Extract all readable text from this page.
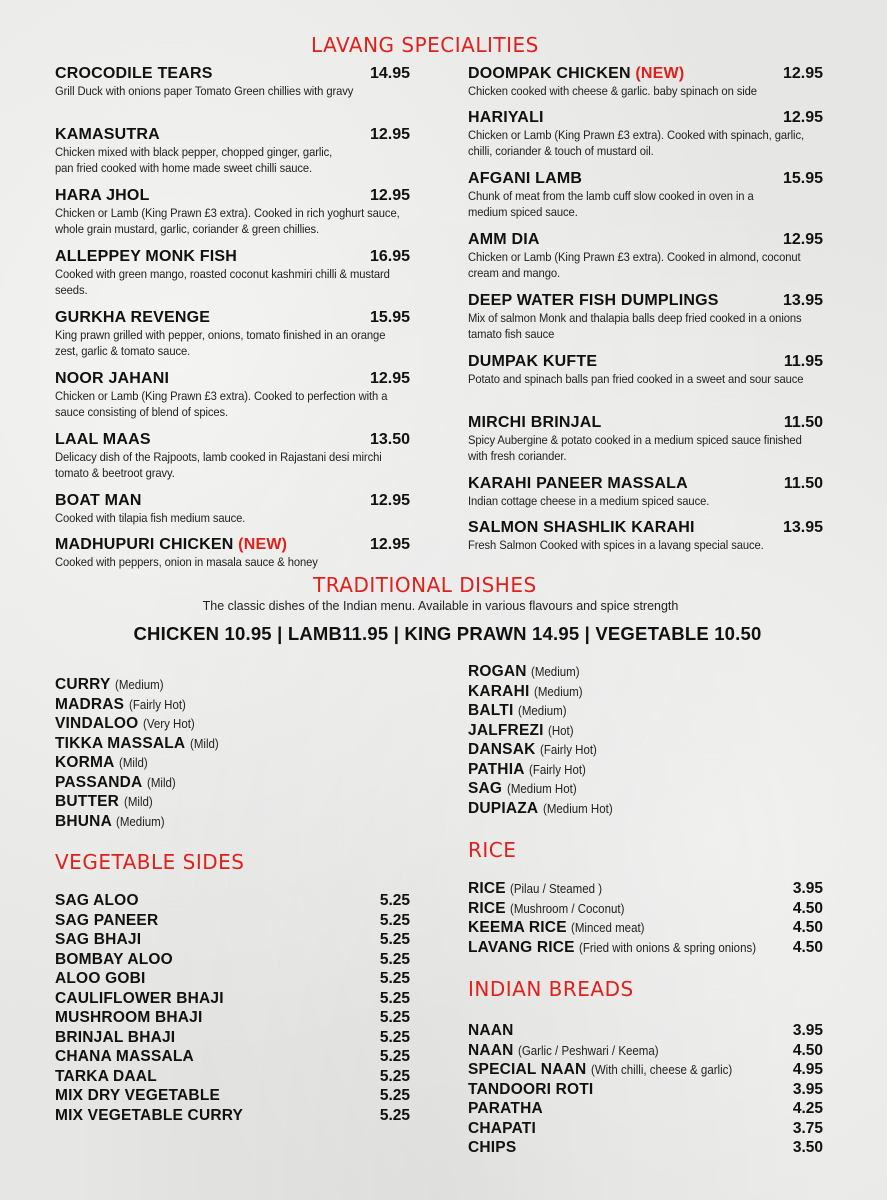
LAVANG SPECIALITIES
CROCODILE TEARS	14.95
Grill Duck with onions paper Tomato Green chillies with gravy
KAMASUTRA	12.95
Chicken mixed with black pepper, chopped ginger, garlic, pan fried cooked with home made sweet chilli sauce.
HARA JHOL	12.95
Chicken or Lamb (King Prawn £3 extra). Cooked in rich yoghurt sauce, whole grain mustard, garlic, coriander & green chillies.
ALLEPPEY MONK FISH	16.95
Cooked with green mango, roasted coconut kashmiri chilli & mustard seeds.
GURKHA REVENGE	15.95
King prawn grilled with pepper, onions, tomato finished in an orange zest, garlic & tomato sauce.
NOOR JAHANI	12.95
Chicken or Lamb (King Prawn £3 extra). Cooked to perfection with a sauce consisting of blend of spices.
LAAL MAAS	13.50
Delicacy dish of the Rajpoots, lamb cooked in Rajastani desi mirchi tomato & beetroot gravy.
BOAT MAN	12.95
Cooked with tilapia fish medium sauce.
MADHUPURI CHICKEN (NEW)	12.95
Cooked with peppers, onion in masala sauce & honey
DOOMPAK CHICKEN (NEW)	12.95
Chicken cooked with cheese & garlic. baby spinach on side
HARIYALI	12.95
Chicken or Lamb (King Prawn £3 extra). Cooked with spinach, garlic, chilli, coriander & touch of mustard oil.
AFGANI LAMB	15.95
Chunk of meat from the lamb cuff slow cooked in oven in a medium spiced sauce.
AMM DIA	12.95
Chicken or Lamb (King Prawn £3 extra). Cooked in almond, coconut cream and mango.
DEEP WATER FISH DUMPLINGS	13.95
Mix of salmon Monk and thalapia balls deep fried cooked in a onions tamato fish sauce
DUMPAK KUFTE	11.95
Potato and spinach balls pan fried cooked in a sweet and sour sauce
MIRCHI BRINJAL	11.50
Spicy Aubergine & potato cooked in a medium spiced sauce finished with fresh coriander.
KARAHI PANEER MASSALA	11.50
Indian cottage cheese in a medium spiced sauce.
SALMON SHASHLIK KARAHI	13.95
Fresh Salmon Cooked with spices in a lavang special sauce.
TRADITIONAL DISHES
The classic dishes of the Indian menu. Available in various flavours and spice strength
CHICKEN 10.95 | LAMB11.95 | KING PRAWN 14.95 | VEGETABLE 10.50
CURRY (Medium)
MADRAS (Fairly Hot)
VINDALOO (Very Hot)
TIKKA MASSALA (Mild)
KORMA (Mild)
PASSANDA (Mild)
BUTTER (Mild)
BHUNA (Medium)
ROGAN (Medium)
KARAHI (Medium)
BALTI (Medium)
JALFREZI (Hot)
DANSAK (Fairly Hot)
PATHIA (Fairly Hot)
SAG (Medium Hot)
DUPIAZA (Medium Hot)
VEGETABLE SIDES
SAG ALOO	5.25
SAG PANEER	5.25
SAG BHAJI	5.25
BOMBAY ALOO	5.25
ALOO GOBI	5.25
CAULIFLOWER BHAJI	5.25
MUSHROOM BHAJI	5.25
BRINJAL BHAJI	5.25
CHANA MASSALA	5.25
TARKA DAAL	5.25
MIX DRY VEGETABLE	5.25
MIX VEGETABLE CURRY	5.25
RICE
RICE (Pilau / Steamed )	3.95
RICE (Mushroom / Coconut)	4.50
KEEMA RICE (Minced meat)	4.50
LAVANG RICE (Fried with onions & spring onions) 4.50
INDIAN BREADS
NAAN	3.95
NAAN (Garlic / Peshwari / Keema)	4.50
SPECIAL NAAN (With chilli, cheese & garlic)	4.95
TANDOORI ROTI	3.95
PARATHA	4.25
CHAPATI	3.75
CHIPS	3.50
